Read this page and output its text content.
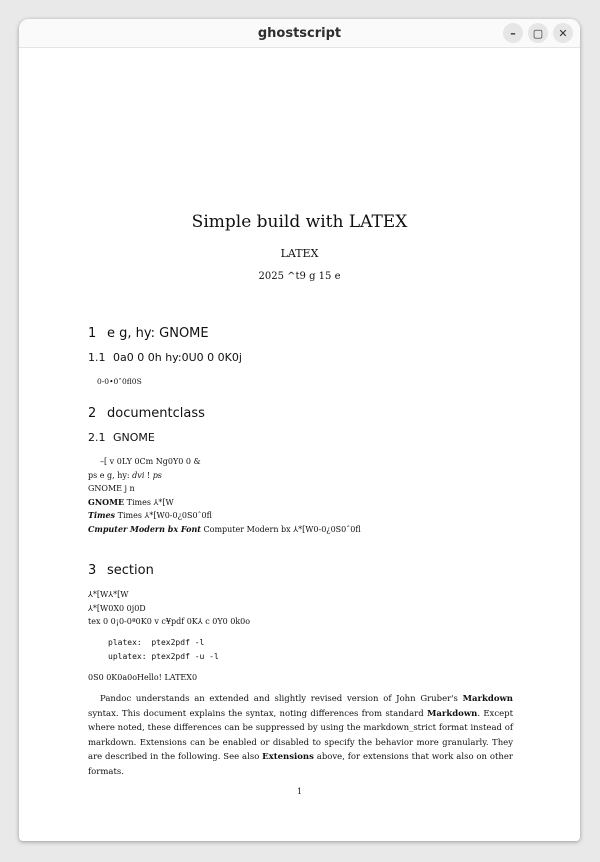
ghostscript	–	▢	✕
Simple build with LATEX
LATEX
2025 ^t9 g 15 e
1 e g, hy: GNOME
1.1 0a0 0 0h hy:0U0 0 0K0j
0-0•0ˆ0fl0S
2 documentclass
2.1 GNOME
–[ v 0LY 0Cm Ng0Y0 0 &
ps e g, hy: dvi ! ps
GNOME j n
GNOME Times ⅄*[W
Times Times ⅄*[W0-0¿0S0ˆ0fl
Cmputer Modern bx Font Computer Modern bx ⅄*[W0-0¿0S0ˆ0fl
3 section
⅄*[W⅄*[W
⅄*[W0X0 0j0D
tex 0 0¡0-0ª0K0 v c¥pdf 0K⅄ c 0Y0 0k0o
platex:  ptex2pdf -l
uplatex: ptex2pdf -u -l
0S0 0K0a0oHello! LATEX0
Pandoc understands an extended and slightly revised version of John Gruber's Markdown syntax. This document explains the syntax, noting differences from standard Markdown. Except where noted, these differences can be suppressed by using the markdown_strict format instead of markdown. Extensions can be enabled or disabled to specify the behavior more granularly. They are described in the following. See also Extensions above, for extensions that work also on other formats.
1
